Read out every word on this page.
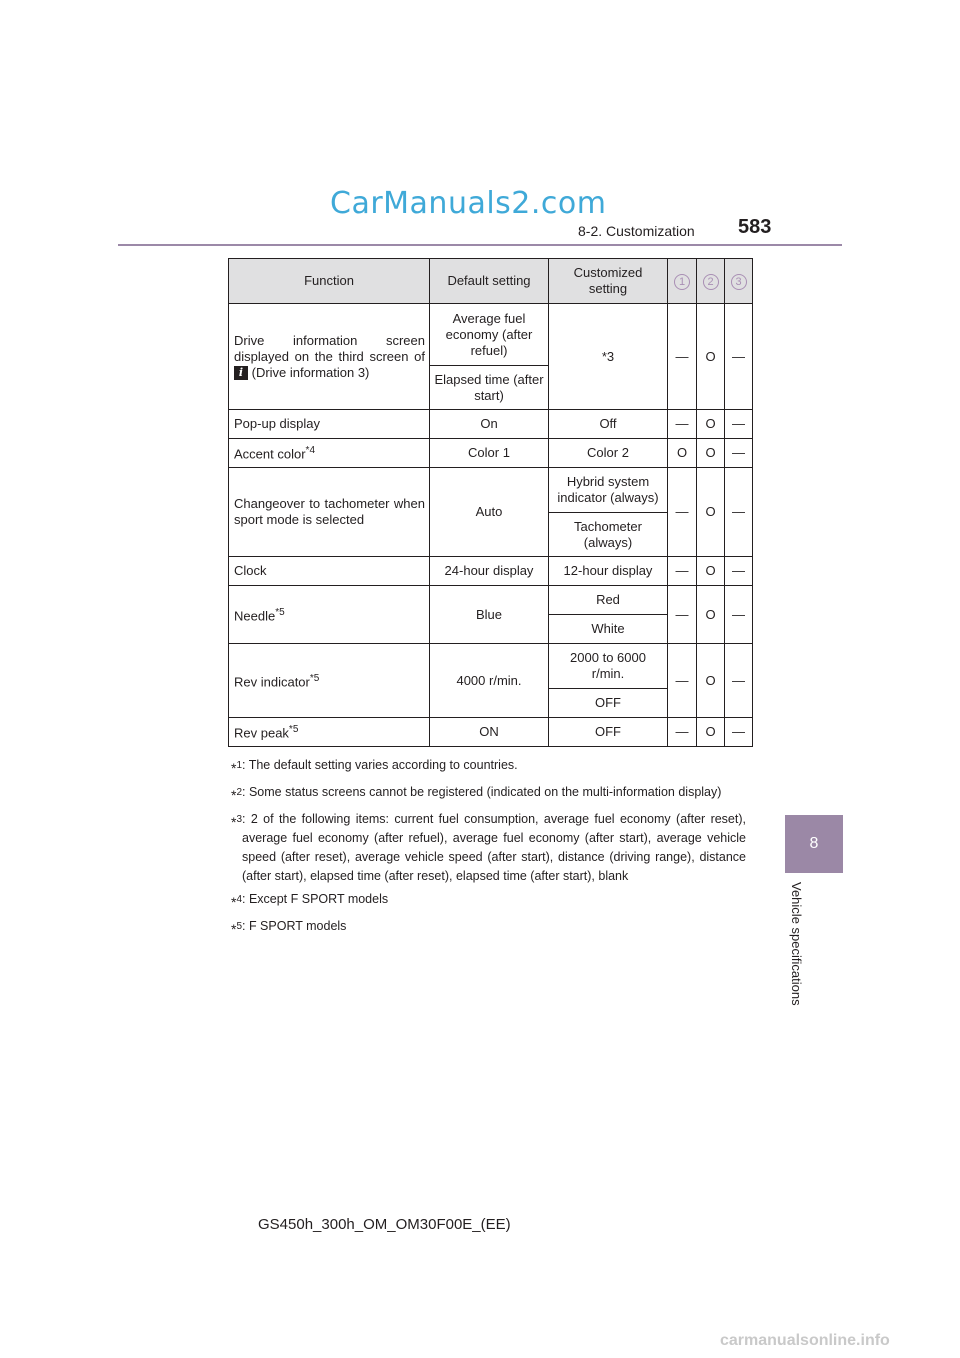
CarManuals2.com
8-2. Customization 583
8
Vehicle specifications
Function	Default setting	Customized setting	1	2	3
Drive information screen displayed on the third screen of i (Drive information 3)	Average fuel economy (after refuel)	*3	—	O	—
	Elapsed time (after start)				
Pop-up display	On	Off	—	O	—
Accent color$^{*4}$	Color 1	Color 2	O	O	—
Changeover to tachometer when sport mode is selected	Auto	Hybrid system indicator (always)	—	O	—
		Tachometer (always)			
Clock	24-hour display	12-hour display	—	O	—
Needle$^{*5}$	Blue	Red	—	O	—
		White			
Rev indicator$^{*5}$	4000 r/min.	2000 to 6000 r/min.	—	O	—
		OFF			
Rev peak$^{*5}$	ON	OFF	—	O	—
*$^1$ : The default setting varies according to countries.
*$^2$ : Some status screens cannot be registered (indicated on the multi-information display)
*$^3$ : 2 of the following items: current fuel consumption, average fuel economy (after reset), average fuel economy (after refuel), average fuel economy (after start), average vehicle speed (after reset), average vehicle speed (after start), distance (driving range), distance (after start), elapsed time (after reset), elapsed time (after start), blank
*$^4$ : Except F SPORT models
*$^5$ : F SPORT models
GS450h_300h_OM_OM30F00E_(EE)
carmanualsonline.info
